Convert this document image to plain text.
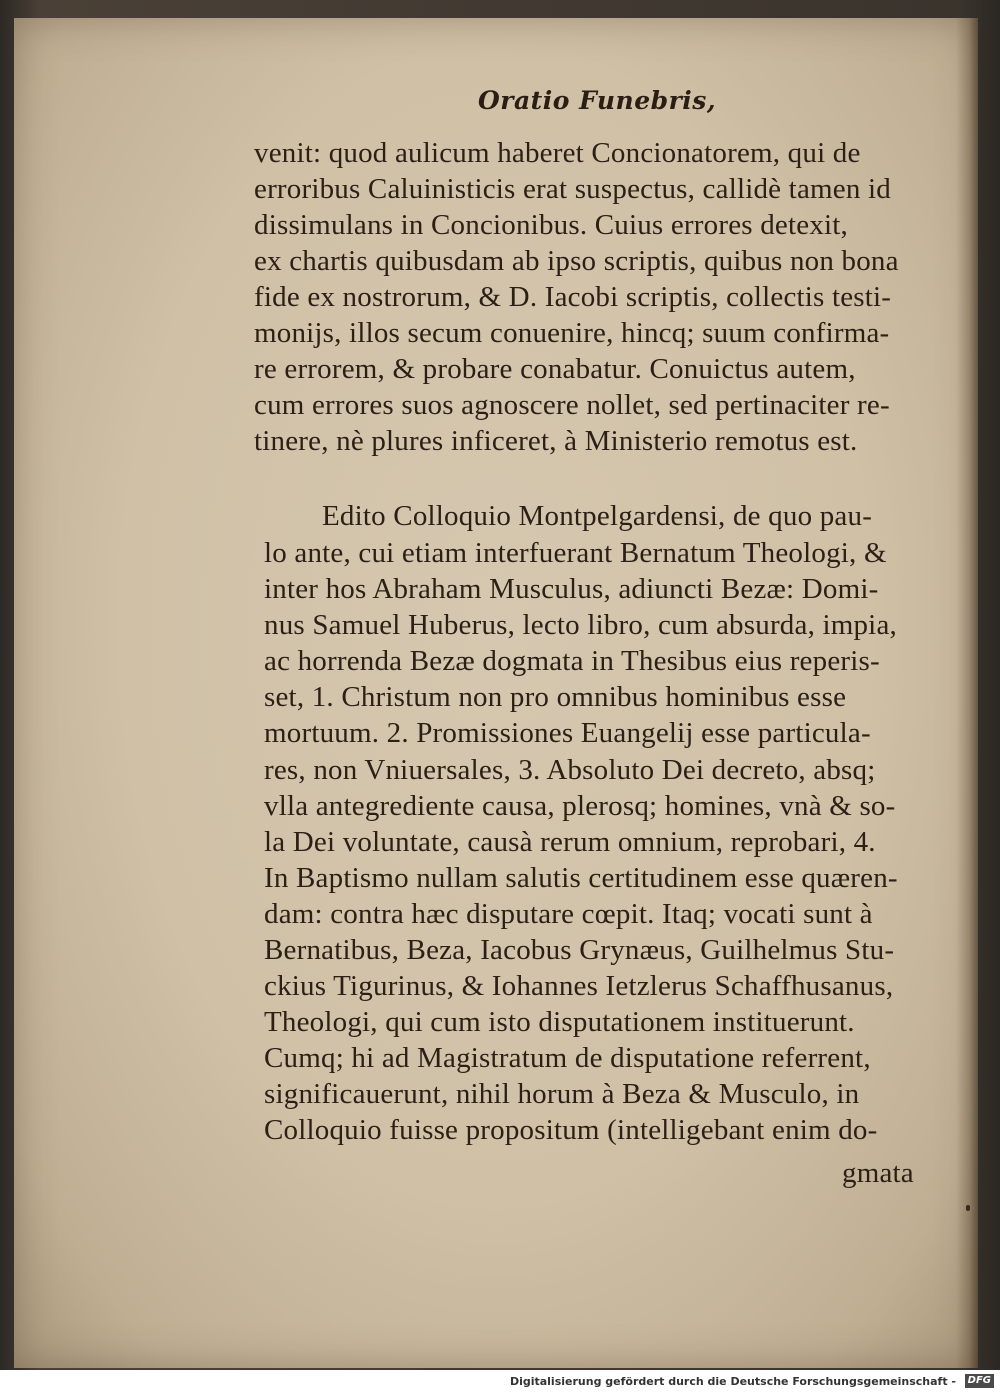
Oratio Funebris,
venit: quod aulicum haberet Concionatorem, qui de
erroribus Caluinisticis erat suspectus, callidè tamen id
dissimulans in Concionibus. Cuius errores detexit,
ex chartis quibusdam ab ipso scriptis, quibus non bona
fide ex nostrorum, & D. Iacobi scriptis, collectis testi-
monijs, illos secum conuenire, hincq; suum confirma-
re errorem, & probare conabatur. Conuictus autem,
cum errores suos agnoscere nollet, sed pertinaciter re-
tinere, nè plures inficeret, à Ministerio remotus est.
Edito Colloquio Montpelgardensi, de quo pau-
lo ante, cui etiam interfuerant Bernatum Theologi, &
inter hos Abraham Musculus, adiuncti Bezæ: Domi-
nus Samuel Huberus, lecto libro, cum absurda, impia,
ac horrenda Bezæ dogmata in Thesibus eius reperis-
set, 1. Christum non pro omnibus hominibus esse
mortuum. 2. Promissiones Euangelij esse particula-
res, non Vniuersales, 3. Absoluto Dei decreto, absq;
vlla antegrediente causa, plerosq; homines, vnà & so-
la Dei voluntate, causà rerum omnium, reprobari, 4.
In Baptismo nullam salutis certitudinem esse quæren-
dam: contra hæc disputare cœpit. Itaq; vocati sunt à
Bernatibus, Beza, Iacobus Grynæus, Guilhelmus Stu-
ckius Tigurinus, & Iohannes Ietzlerus Schaffhusanus,
Theologi, qui cum isto disputationem instituerunt.
Cumq; hi ad Magistratum de disputatione referrent,
significauerunt, nihil horum à Beza & Musculo, in
Colloquio fuisse propositum (intelligebant enim do-
gmata
Digitalisierung gefördert durch die Deutsche Forschungsgemeinschaft -	DFG
